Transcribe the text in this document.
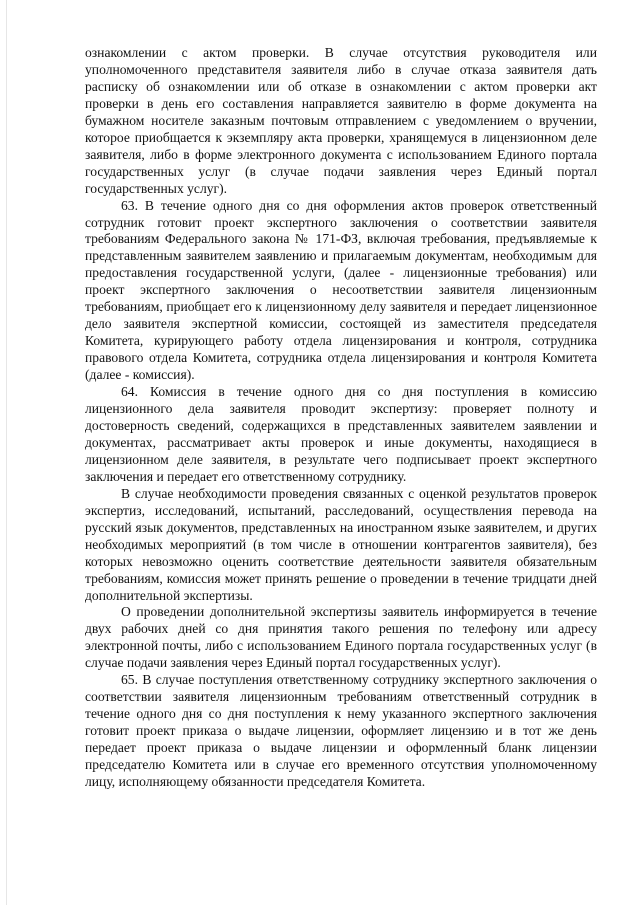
ознакомлении с актом проверки. В случае отсутствия руководителя или уполномоченного представителя заявителя либо в случае отказа заявителя дать расписку об ознакомлении или об отказе в ознакомлении с актом проверки акт проверки в день его составления направляется заявителю в форме документа на бумажном носителе заказным почтовым отправлением с уведомлением о вручении, которое приобщается к экземпляру акта проверки, хранящемуся в лицензионном деле заявителя, либо в форме электронного документа с использованием Единого портала государственных услуг (в случае подачи заявления через Единый портал государственных услуг).

63. В течение одного дня со дня оформления актов проверок ответственный сотрудник готовит проект экспертного заключения о соответствии заявителя требованиям Федерального закона № 171-ФЗ, включая требования, предъявляемые к представленным заявителем заявлению и прилагаемым документам, необходимым для предоставления государственной услуги, (далее - лицензионные требования) или проект экспертного заключения о несоответствии заявителя лицензионным требованиям, приобщает его к лицензионному делу заявителя и передает лицензионное дело заявителя экспертной комиссии, состоящей из заместителя председателя Комитета, курирующего работу отдела лицензирования и контроля, сотрудника правового отдела Комитета, сотрудника отдела лицензирования и контроля Комитета (далее - комиссия).

64. Комиссия в течение одного дня со дня поступления в комиссию лицензионного дела заявителя проводит экспертизу: проверяет полноту и достоверность сведений, содержащихся в представленных заявителем заявлении и документах, рассматривает акты проверок и иные документы, находящиеся в лицензионном деле заявителя, в результате чего подписывает проект экспертного заключения и передает его ответственному сотруднику.

В случае необходимости проведения связанных с оценкой результатов проверок экспертиз, исследований, испытаний, расследований, осуществления перевода на русский язык документов, представленных на иностранном языке заявителем, и других необходимых мероприятий (в том числе в отношении контрагентов заявителя), без которых невозможно оценить соответствие деятельности заявителя обязательным требованиям, комиссия может принять решение о проведении в течение тридцати дней дополнительной экспертизы.

О проведении дополнительной экспертизы заявитель информируется в течение двух рабочих дней со дня принятия такого решения по телефону или адресу электронной почты, либо с использованием Единого портала государственных услуг (в случае подачи заявления через Единый портал государственных услуг).

65. В случае поступления ответственному сотруднику экспертного заключения о соответствии заявителя лицензионным требованиям ответственный сотрудник в течение одного дня со дня поступления к нему указанного экспертного заключения готовит проект приказа о выдаче лицензии, оформляет лицензию и в тот же день передает проект приказа о выдаче лицензии и оформленный бланк лицензии председателю Комитета или в случае его временного отсутствия уполномоченному лицу, исполняющему обязанности председателя Комитета.
